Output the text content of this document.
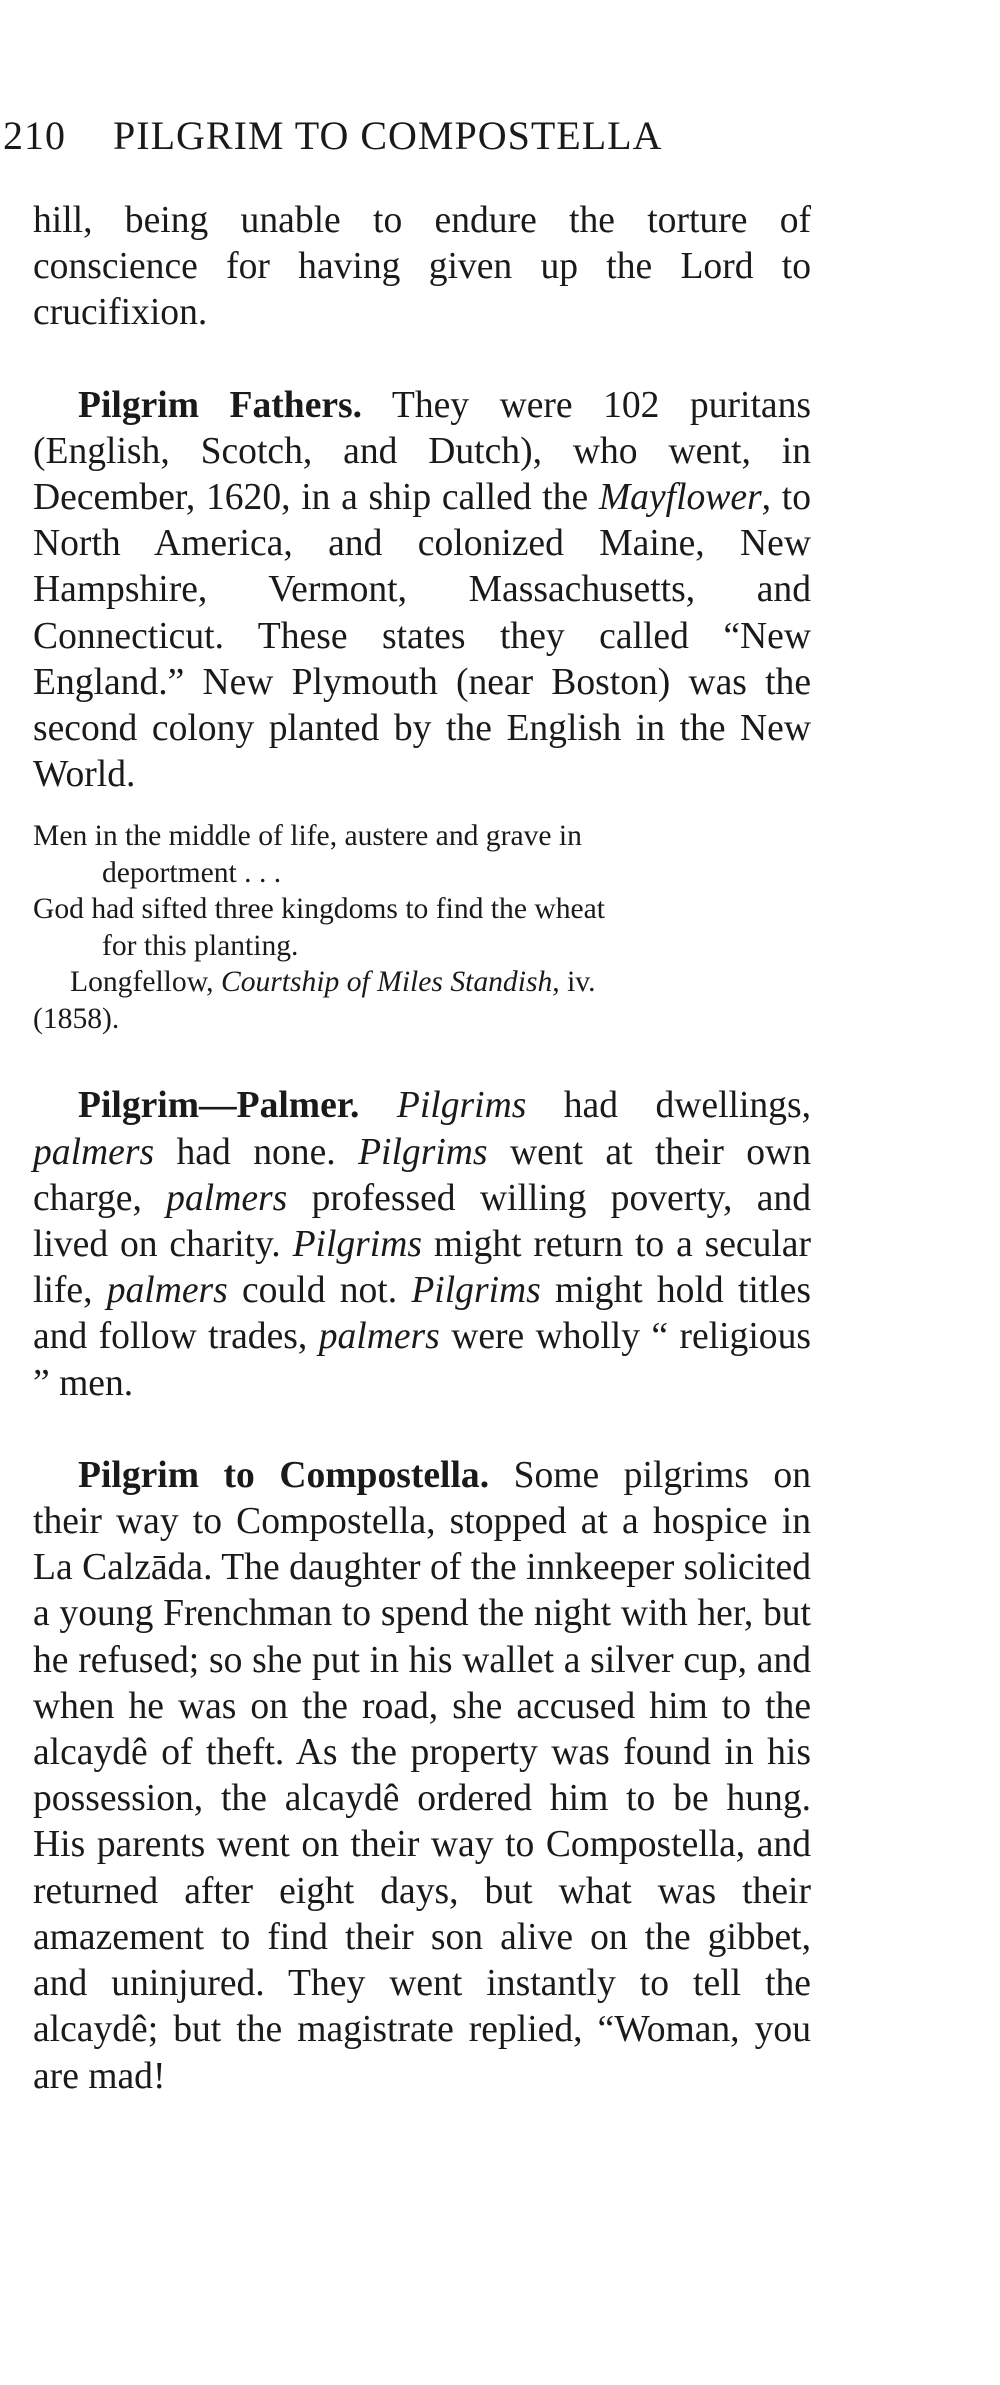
210 PILGRIM TO COMPOSTELLA

hill, being unable to endure the torture of conscience for having given up the Lord to crucifixion.

Pilgrim Fathers. They were 102 puritans (English, Scotch, and Dutch), who went, in December, 1620, in a ship called the Mayflower, to North America, and colonized Maine, New Hampshire, Vermont, Massachusetts, and Connecticut. These states they called “New England.” New Plymouth (near Boston) was the second colony planted by the English in the New World.

Men in the middle of life, austere and grave in

deportment . . .

God had sifted three kingdoms to find the wheat

for this planting.

Longfellow, Courtship of Miles Standish, iv.

(1858).

Pilgrim—Palmer. Pilgrims had dwellings, palmers had none. Pilgrims went at their own charge, palmers professed willing poverty, and lived on charity. Pilgrims might return to a secular life, palmers could not. Pilgrims might hold titles and follow trades, palmers were wholly “ religious ” men.

Pilgrim to Compostella. Some pilgrims on their way to Compostella, stopped at a hospice in La Calzāda. The daughter of the innkeeper solicited a young Frenchman to spend the night with her, but he refused; so she put in his wallet a silver cup, and when he was on the road, she accused him to the alcaydê of theft. As the property was found in his possession, the alcaydê ordered him to be hung. His parents went on their way to Compostella, and returned after eight days, but what was their amazement to find their son alive on the gibbet, and uninjured. They went instantly to tell the alcaydê; but the magistrate replied, “Woman, you are mad!
